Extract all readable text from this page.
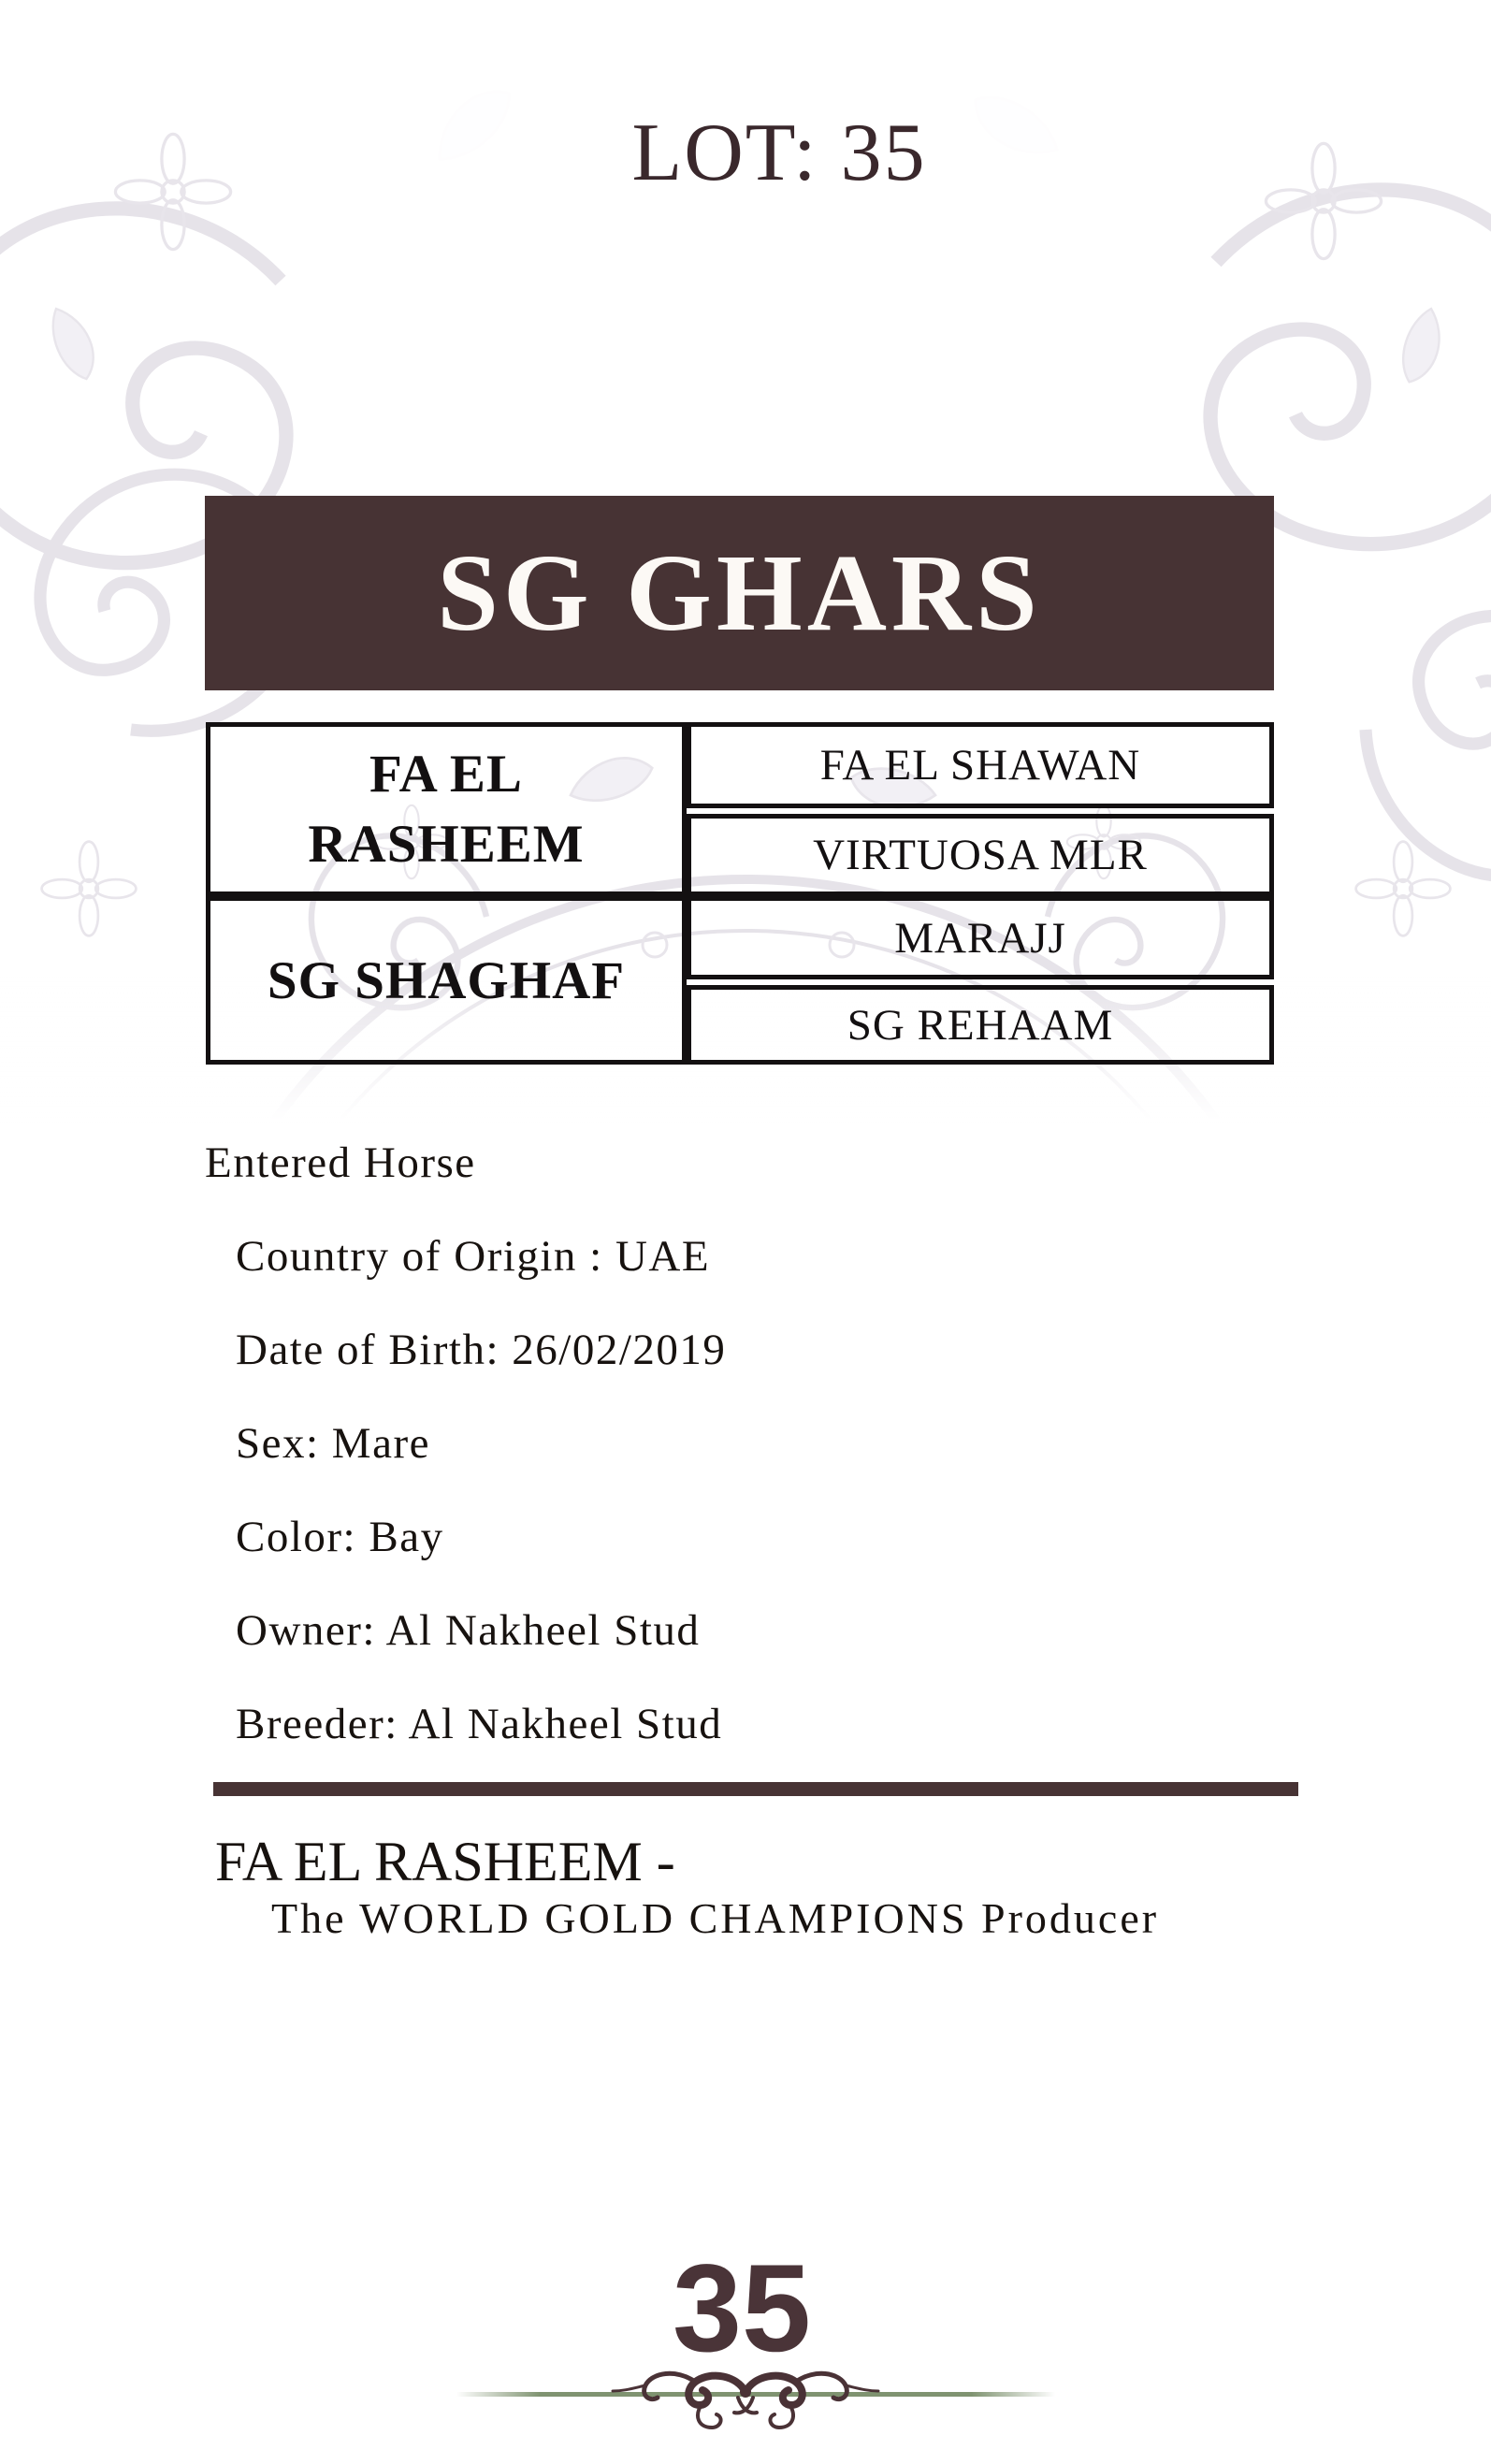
LOT: 35
SG GHARS
FA EL RASHEEM
SG SHAGHAF
FA EL SHAWAN
VIRTUOSA MLR
MARAJJ
SG REHAAM
Entered Horse
Country of Origin : UAE
Date of Birth: 26/02/2019
Sex: Mare
Color: Bay
Owner: Al Nakheel Stud
Breeder: Al Nakheel Stud
FA EL RASHEEM -
The WORLD GOLD CHAMPIONS Producer
35
